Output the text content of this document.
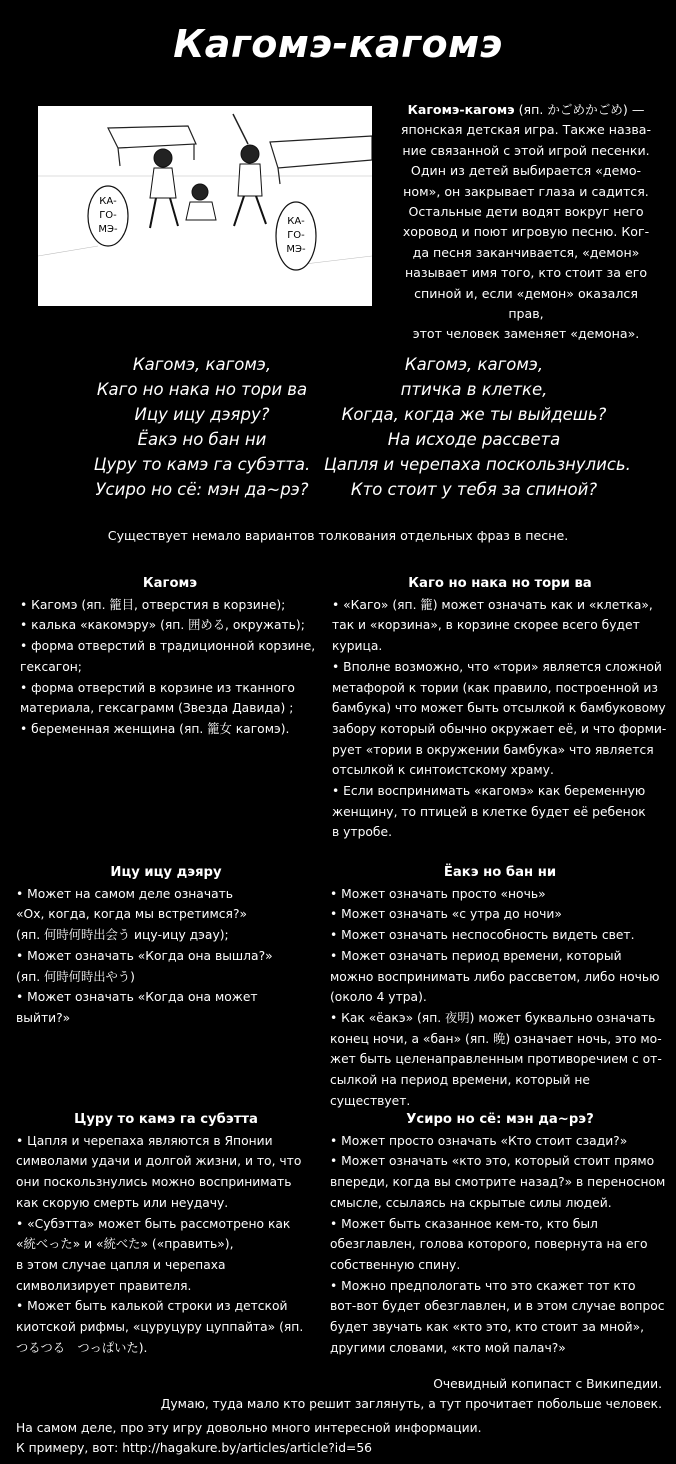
Кагомэ-кагомэ
КА-
ГО-
МЭ-
КА-
ГО-
МЭ-
Кагомэ-кагомэ (яп. かごめかごめ) —
японская детская игра. Также назва-
ние связанной с этой игрой песенки.
Один из детей выбирается «демо-
ном», он закрывает глаза и садится.
Остальные дети водят вокруг него
хоровод и поют игровую песню. Ког-
да песня заканчивается, «демон»
называет имя того, кто стоит за его
спиной и, если «демон» оказался прав,
этот человек заменяет «демона».
Кагомэ, кагомэ,
Каго но нака но тори ва
Ицу ицу дэяру?
Ёакэ но бан ни
Цуру то камэ га субэтта.
Усиро но сё: мэн да~рэ?
Кагомэ, кагомэ,
птичка в клетке,
Когда, когда же ты выйдешь?
На исходе рассвета
Цапля и черепаха поскользнулись.
Кто стоит у тебя за спиной?
Существует немало вариантов толкования отдельных фраз в песне.
Кагомэ
• Кагомэ (яп. 籠目, отверстия в корзине);
• калька «какомэру» (яп. 囲める, окружать);
• форма отверстий в традиционной корзине,
гексагон;
• форма отверстий в корзине из тканного
материала, гексаграмм (Звезда Давида) ;
• беременная женщина (яп. 籠女 кагомэ).
Каго но нака но тори ва
• «Каго» (яп. 籠) может означать как и «клетка»,
так и «корзина», в корзине скорее всего будет
курица.
• Вполне возможно, что «тори» является сложной
метафорой к тории (как правило, построенной из
бамбука) что может быть отсылкой к бамбуковому
забору который обычно окружает её, и что форми-
рует «тории в окружении бамбука» что является
отсылкой к синтоистскому храму.
• Если воспринимать «кагомэ» как беременную
женщину, то птицей в клетке будет её ребенок
в утробе.
Ицу ицу дэяру
• Может на самом деле означать
«Ох, когда, когда мы встретимся?»
(яп. 何時何時出会う ицу-ицу дэау);
• Может означать «Когда она вышла?»
(яп. 何時何時出やう)
• Может означать «Когда она может
выйти?»
Ёакэ но бан ни
• Может означать просто «ночь»
• Может означать «с утра до ночи»
• Может означать неспособность видеть свет.
• Может означать период времени, который
можно воспринимать либо рассветом, либо ночью
(около 4 утра).
• Как «ёакэ» (яп. 夜明) может буквально означать
конец ночи, а «бан» (яп. 晩) означает ночь, это мо-
жет быть целенаправленным противоречием с от-
сылкой на период времени, который не существует.
Цуру то камэ га субэтта
• Цапля и черепаха являются в Японии
символами удачи и долгой жизни, и то, что
они поскользнулись можно воспринимать
как скорую смерть или неудачу.
• «Субэтта» может быть рассмотрено как
«統べった» и «統べた» («править»),
в этом случае цапля и черепаха
символизирует правителя.
• Может быть калькой строки из детской
киотской рифмы, «цуруцуру цуппайта» (яп.
つるつる　つっぱいた).
Усиро но сё: мэн да~рэ?
• Может просто означать «Кто стоит сзади?»
• Может означать «кто это, который стоит прямо
впереди, когда вы смотрите назад?» в переносном
смысле, ссылаясь на скрытые силы людей.
• Может быть сказанное кем-то, кто был
обезглавлен, голова которого, повернута на его
собственную спину.
• Можно предпологать что это скажет тот кто
вот-вот будет обезглавлен, и в этом случае вопрос
будет звучать как «кто это, кто стоит за мной»,
другими словами, «кто мой палач?»
Очевидный копипаст с Википедии.
Думаю, туда мало кто решит заглянуть, а тут прочитает побольше человек.
На самом деле, про эту игру довольно много интересной информации.
К примеру, вот: http://hagakure.by/articles/article?id=56
